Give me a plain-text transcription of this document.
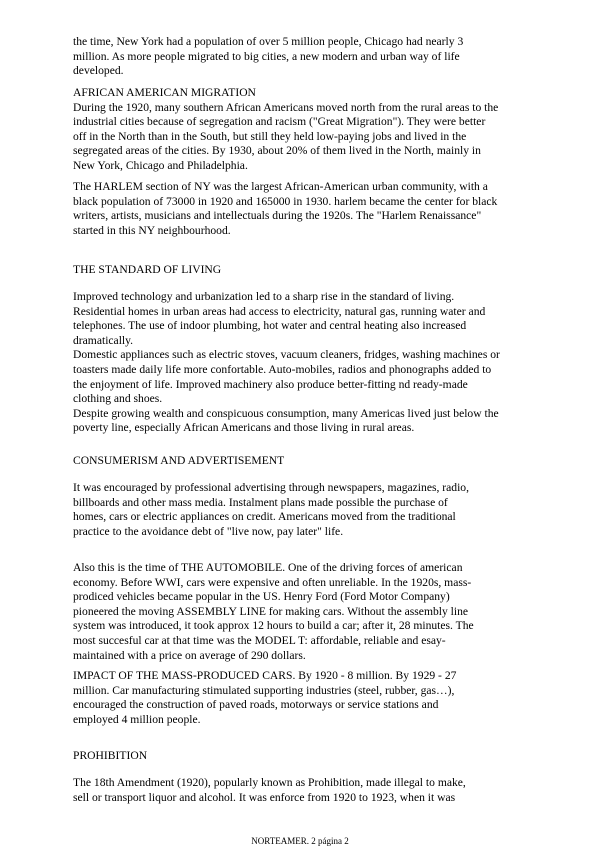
the time, New York had a population of over 5 million people, Chicago had nearly 3
million. As more people migrated to big cities, a new modern and urban way of life
developed.
AFRICAN AMERICAN MIGRATION
During the 1920, many southern African Americans moved north from the rural areas to the
industrial cities because of segregation and racism ("Great Migration"). They were better
off in the North than in the South, but still they held low-paying jobs and lived in the
segregated areas of the cities. By 1930, about 20% of them lived in the North, mainly in
New York, Chicago and Philadelphia.
The HARLEM section of NY was the largest African-American urban community, with a
black population of 73000 in 1920 and 165000 in 1930. harlem became the center for black
writers, artists, musicians and intellectuals during the 1920s. The "Harlem Renaissance"
started in this NY neighbourhood.
THE STANDARD OF LIVING
Improved technology and urbanization led to a sharp rise in the standard of living.
Residential homes in urban areas had access to electricity, natural gas, running water and
telephones. The use of indoor plumbing, hot water and central heating also increased
dramatically.
Domestic appliances such as electric stoves, vacuum cleaners, fridges, washing machines or
toasters made daily life more confortable. Auto-mobiles, radios and phonographs added to
the enjoyment of life. Improved machinery also produce better-fitting nd ready-made
clothing and shoes.
Despite growing wealth and conspicuous consumption, many Americas lived just below the
poverty line, especially African Americans and those living in rural areas.
CONSUMERISM AND ADVERTISEMENT
It was encouraged by professional advertising through newspapers, magazines, radio,
billboards and other mass media. Instalment plans made possible the purchase of
homes, cars or electric appliances on credit. Americans moved from the traditional
practice to the avoidance debt of "live now, pay later" life.
Also this is the time of THE AUTOMOBILE. One of the driving forces of american
economy. Before WWI, cars were expensive and often unreliable. In the 1920s, mass-
prodiced vehicles became popular in the US. Henry Ford (Ford Motor Company)
pioneered the moving ASSEMBLY LINE for making cars. Without the assembly line
system was introduced, it took approx 12 hours to build a car; after it, 28 minutes. The
most succesful car at that time was the MODEL T: affordable, reliable and esay-
maintained with a price on average of 290 dollars.
IMPACT OF THE MASS-PRODUCED CARS. By 1920 - 8 million. By 1929 - 27
million. Car manufacturing stimulated supporting industries (steel, rubber, gas…),
encouraged the construction of paved roads, motorways or service stations and
employed 4 million people.
PROHIBITION
The 18th Amendment (1920), popularly known as Prohibition, made illegal to make,
sell or transport liquor and alcohol. It was enforce from 1920 to 1923, when it was
NORTEAMER. 2 página 2
